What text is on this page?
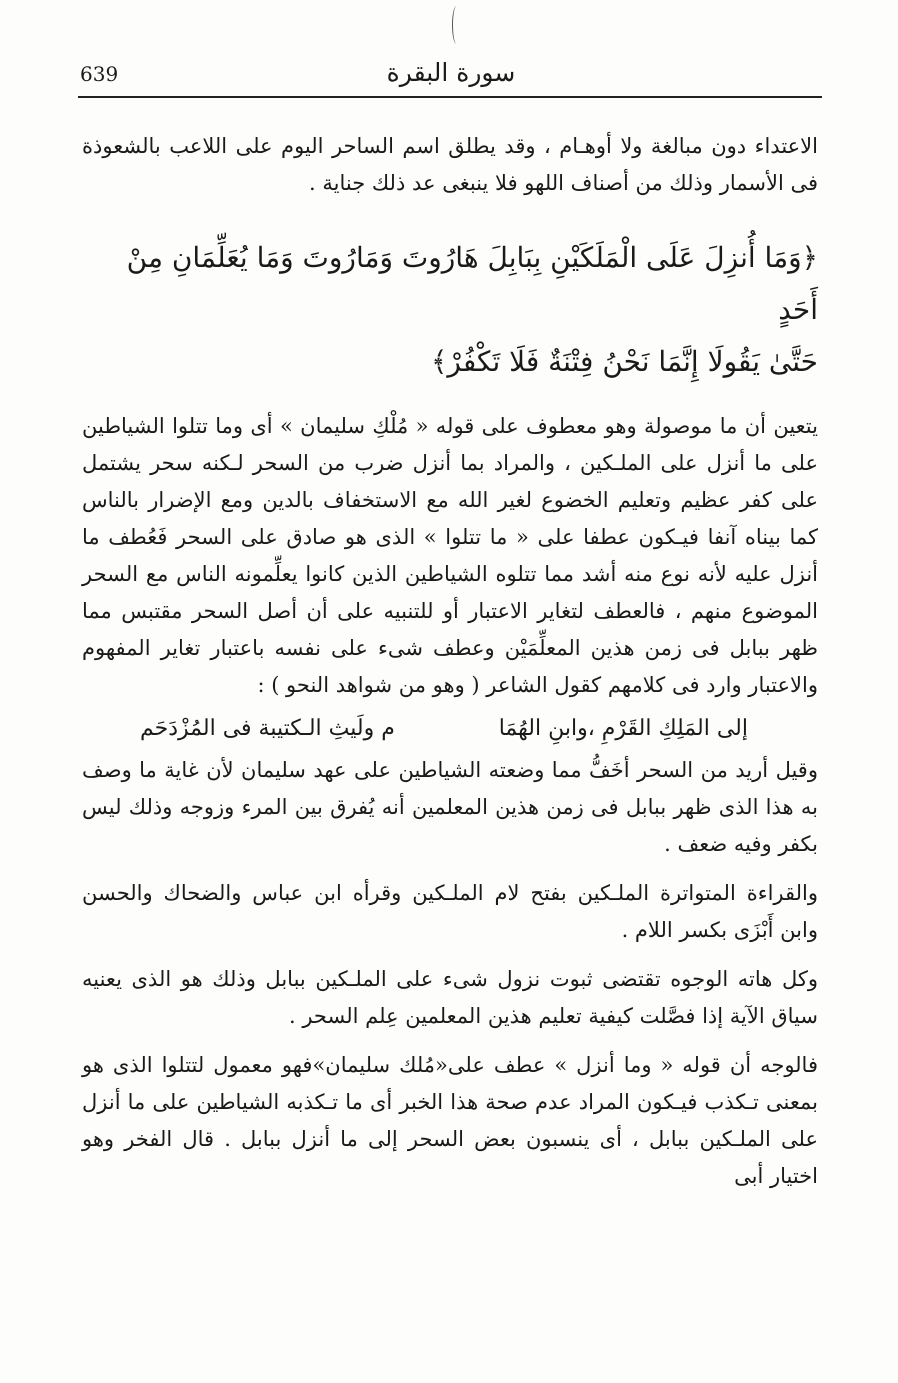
639	سورة البقرة

الاعتداء دون مبالغة ولا أوهـام ، وقد يطلق اسم الساحر اليوم على اللاعب بالشعوذة فى الأسمار وذلك من أصناف اللهو فلا ينبغى عد ذلك جناية .

﴿وَمَا أُنزِلَ عَلَى الْمَلَكَيْنِ بِبَابِلَ هَارُوتَ وَمَارُوتَ وَمَا يُعَلِّمَانِ مِنْ أَحَدٍ
حَتَّىٰ يَقُولَا إِنَّمَا نَحْنُ فِتْنَةٌ فَلَا تَكْفُرْ﴾

يتعين أن ما موصولة وهو معطوف على قوله « مُلْكِ سليمان » أى وما تتلوا الشياطين على ما أنزل على الملـكين ، والمراد بما أنزل ضرب من السحر لـكنه سحر يشتمل على كفر عظيم وتعليم الخضوع لغير الله مع الاستخفاف بالدين ومع الإضرار بالناس كما بيناه آنفا فيـكون عطفا على « ما تتلوا » الذى هو صادق على السحر فَعُطف ما أنزل عليه لأنه نوع منه أشد مما تتلوه الشياطين الذين كانوا يعلِّمونه الناس مع السحر الموضوع منهم ، فالعطف لتغاير الاعتبار أو للتنبيه على أن أصل السحر مقتبس مما ظهر ببابل فى زمن هذين المعلِّمَيْن وعطف شىء على نفسه باعتبار تغاير المفهوم والاعتبار وارد فى كلامهم كقول الشاعر ( وهو من شواهد النحو ) :

إلى المَلِكِ القَرْمِ ،وابنِ الهُمَا
م ولَيثِ الـكتيبة فى المُزْدَحَم

وقيل أريد من السحر أخَفُّ مما وضعته الشياطين على عهد سليمان لأن غاية ما وصف به هذا الذى ظهر ببابل فى زمن هذين المعلمين أنه يُفرق بين المرء وزوجه وذلك ليس بكفر وفيه ضعف .

والقراءة المتواترة الملـكين بفتح لام الملـكين وقرأه ابن عباس والضحاك والحسن وابن أَبْزَى بكسر اللام .

وكل هاته الوجوه تقتضى ثبوت نزول شىء على الملـكين ببابل وذلك هو الذى يعنيه سياق الآية إذا فصَّلت كيفية تعليم هذين المعلمين عِلم السحر .

فالوجه أن قوله « وما أنزل » عطف على«مُلك سليمان»فهو معمول لتتلوا الذى هو بمعنى تـكذب فيـكون المراد عدم صحة هذا الخبر أى ما تـكذبه الشياطين على ما أنزل على الملـكين ببابل ، أى ينسبون بعض السحر إلى ما أنزل ببابل . قال الفخر وهو اختيار أبى
